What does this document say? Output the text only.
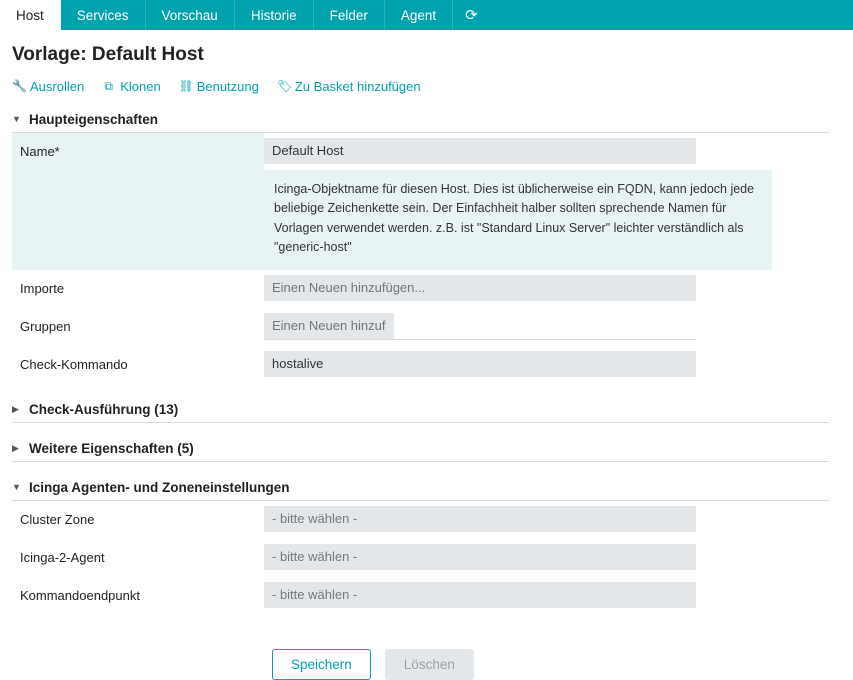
Host Services Vorschau Historie Felder Agent ⟳
Vorlage: Default Host
🔧 Ausrollen ⧉ Klonen ⛓ Benutzung 🏷 Zu Basket hinzufügen
▼ Haupteigenschaften
Name*
Default Host
Icinga-Objektname für diesen Host. Dies ist üblicherweise ein FQDN, kann jedoch jede beliebige Zeichenkette sein. Der Einfachheit halber sollten sprechende Namen für Vorlagen verwendet werden. z.B. ist "Standard Linux Server" leichter verständlich als "generic-host"
Importe
Einen Neuen hinzufügen...
Gruppen
Einen Neuen hinzuf...
Check-Kommando
hostalive
▶ Check-Ausführung (13)
▶ Weitere Eigenschaften (5)
▼ Icinga Agenten- und Zoneneinstellungen
Cluster Zone
- bitte wählen -
Icinga-2-Agent
- bitte wählen -
Kommandoendpunkt
- bitte wählen -
Speichern	Löschen
